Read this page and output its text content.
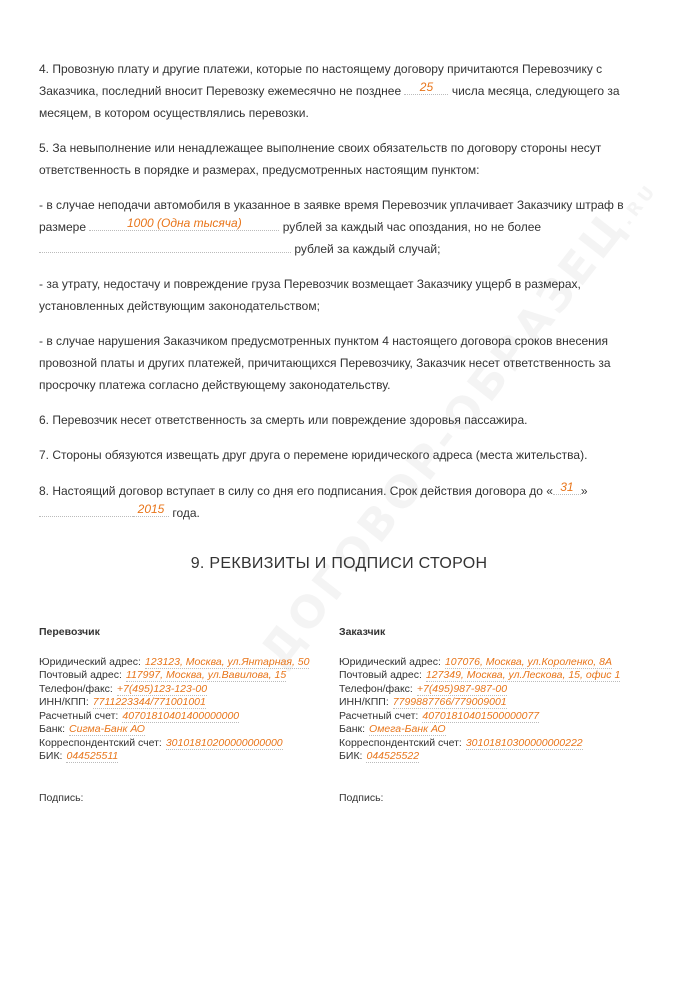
4. Провозную плату и другие платежи, которые по настоящему договору причитаются Перевозчику с Заказчика, последний вносит Перевозку ежемесячно не позднее 25 числа месяца, следующего за месяцем, в котором осуществлялись перевозки.
5. За невыполнение или ненадлежащее выполнение своих обязательств по договору стороны несут ответственность в порядке и размерах, предусмотренных настоящим пунктом:
- в случае неподачи автомобиля в указанное в заявке время Перевозчик уплачивает Заказчику штраф в размере	1000 (Одна тысяча)	рублей за каждый час опоздания, но не более
рублей за каждый случай;
- за утрату, недостачу и повреждение груза Перевозчик возмещает Заказчику ущерб в размерах, установленных действующим законодательством;
- в случае нарушения Заказчиком предусмотренных пунктом 4 настоящего договора сроков внесения провозной платы и других платежей, причитающихся Перевозчику, Заказчик несет ответственность за просрочку платежа согласно действующему законодательству.
6. Перевозчик несет ответственность за смерть или повреждение здоровья пассажира.
7. Стороны обязуются извещать друг друга о перемене юридического адреса (места жительства).
8. Настоящий договор вступает в силу со дня его подписания. Срок действия договора до « 31 »
2015 года.
9. РЕКВИЗИТЫ И ПОДПИСИ СТОРОН
Перевозчик
Юридический адрес: 123123, Москва, ул.Янтарная, 50
Почтовый адрес: 117997, Москва, ул.Вавилова, 15
Телефон/факс: +7(495)123-123-00
ИНН/КПП: 7711223344/771001001
Расчетный счет: 40701810401400000000
Банк: Сигма-Банк АО
Корреспондентский счет: 30101810200000000000
БИК: 044525511
Подпись:
Заказчик
Юридический адрес: 107076, Москва, ул.Короленко, 8А
Почтовый адрес: 127349, Москва, ул.Лескова, 15, офис 1
Телефон/факс: +7(495)987-987-00
ИНН/КПП: 7799887766/779009001
Расчетный счет: 40701810401500000077
Банк: Омега-Банк АО
Корреспондентский счет: 30101810300000000222
БИК: 044525522
Подпись:
